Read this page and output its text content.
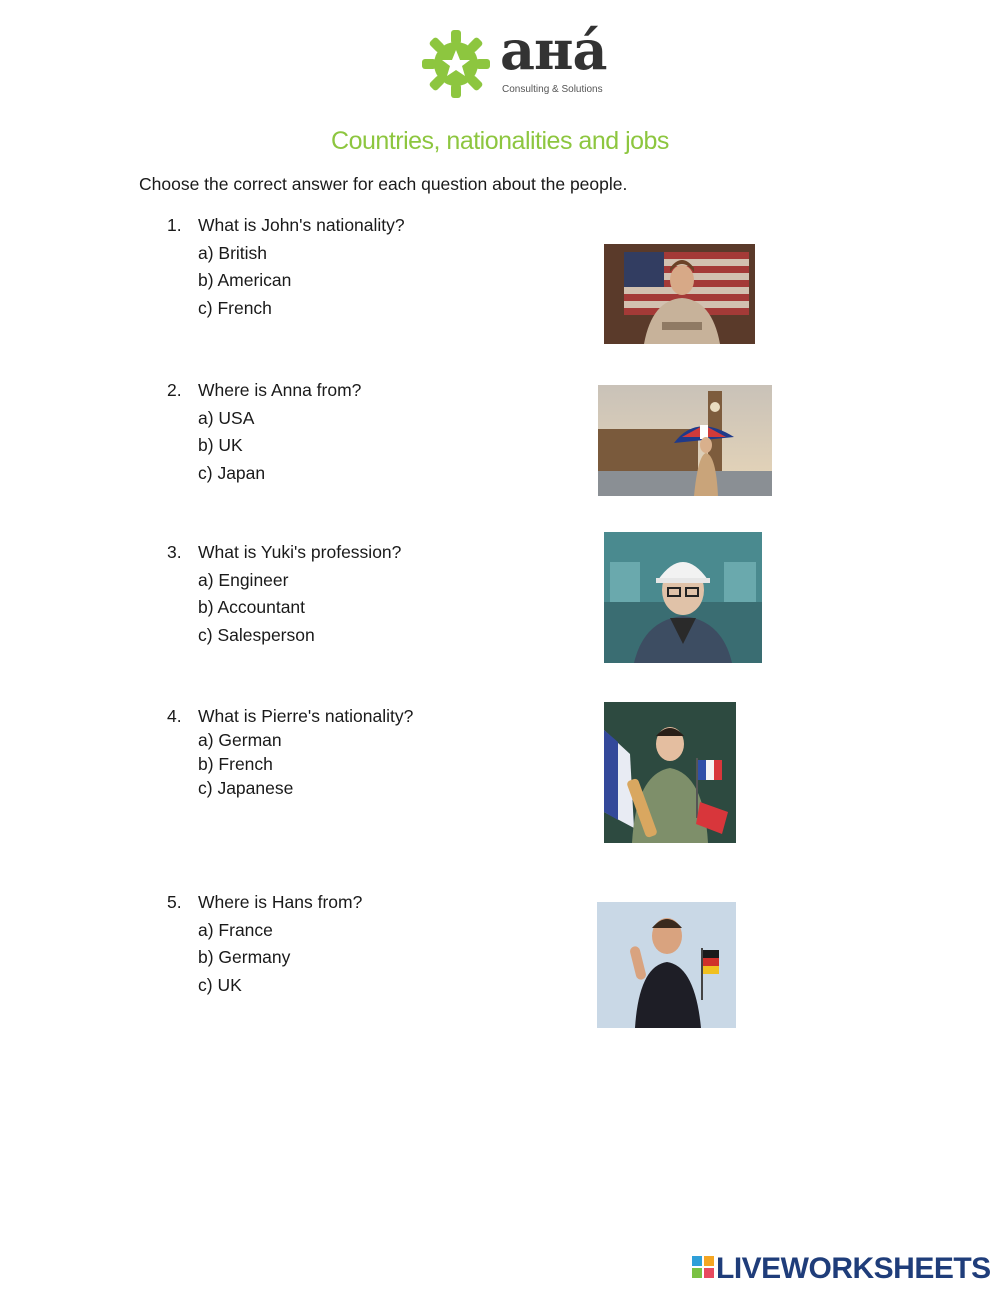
aнá
Consulting & Solutions
Countries, nationalities and jobs
Choose the correct answer for each question about the people.
1. What is John's nationality?
a) British
b) American
c) French
2. Where is Anna from?
a) USA
b) UK
c) Japan
3. What is Yuki's profession?
a) Engineer
b) Accountant
c) Salesperson
4. What is Pierre's nationality?
a) German
b) French
c) Japanese
5. Where is Hans from?
a) France
b) Germany
c) UK
LIVEWORKSHEETS
